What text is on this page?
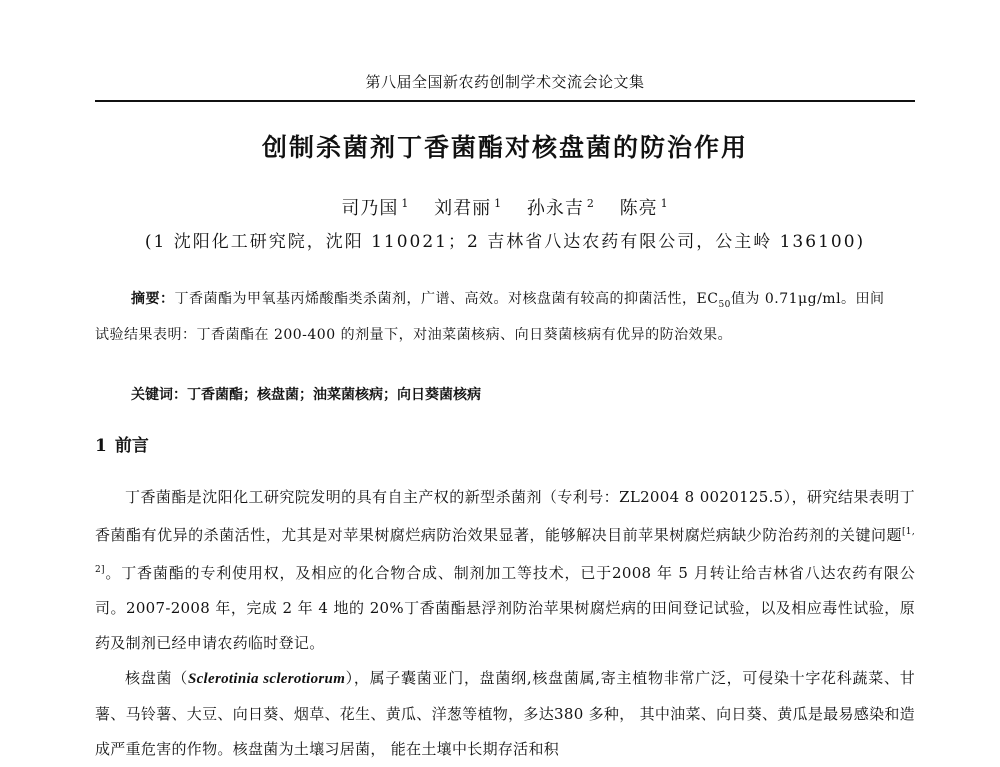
第八届全国新农药创制学术交流会论文集
创制杀菌剂丁香菌酯对核盘菌的防治作用
司乃国 $^1$ 刘君丽 $^1$ 孙永吉 $^2$ 陈亮 $^1$
(1 沈阳化工研究院，沈阳 110021；2 吉林省八达农药有限公司，公主岭 136100)
摘要：丁香菌酯为甲氧基丙烯酸酯类杀菌剂，广谱、高效。对核盘菌有较高的抑菌活性，$EC_{50}$值为 0.71μg/ml。田间试验结果表明：丁香菌酯在 200-400 的剂量下，对油菜菌核病、向日葵菌核病有优异的防治效果。
关键词：丁香菌酯；核盘菌；油菜菌核病；向日葵菌核病
1 前言

丁香菌酯是沈阳化工研究院发明的具有自主产权的新型杀菌剂（专利号：ZL2004 8 0020125.5），研究结果表明丁香菌酯有优异的杀菌活性，尤其是对苹果树腐烂病防治效果显著，能够解决目前苹果树腐烂病缺少防治药剂的关键问题[1, 2]。丁香菌酯的专利使用权，及相应的化合物合成、制剂加工等技术，已于2008 年 5 月转让给吉林省八达农药有限公司。2007-2008 年，完成 2 年 4 地的 20%丁香菌酯悬浮剂防治苹果树腐烂病的田间登记试验，以及相应毒性试验，原药及制剂已经申请农药临时登记。

核盘菌（Sclerotinia sclerotiorum），属子囊菌亚门，盘菌纲,核盘菌属,寄主植物非常广泛，可侵染十字花科蔬菜、甘薯、马铃薯、大豆、向日葵、烟草、花生、黄瓜、洋葱等植物，多达380 多种， 其中油菜、向日葵、黄瓜是最易感染和造成严重危害的作物。核盘菌为土壤习居菌， 能在土壤中长期存活和积
